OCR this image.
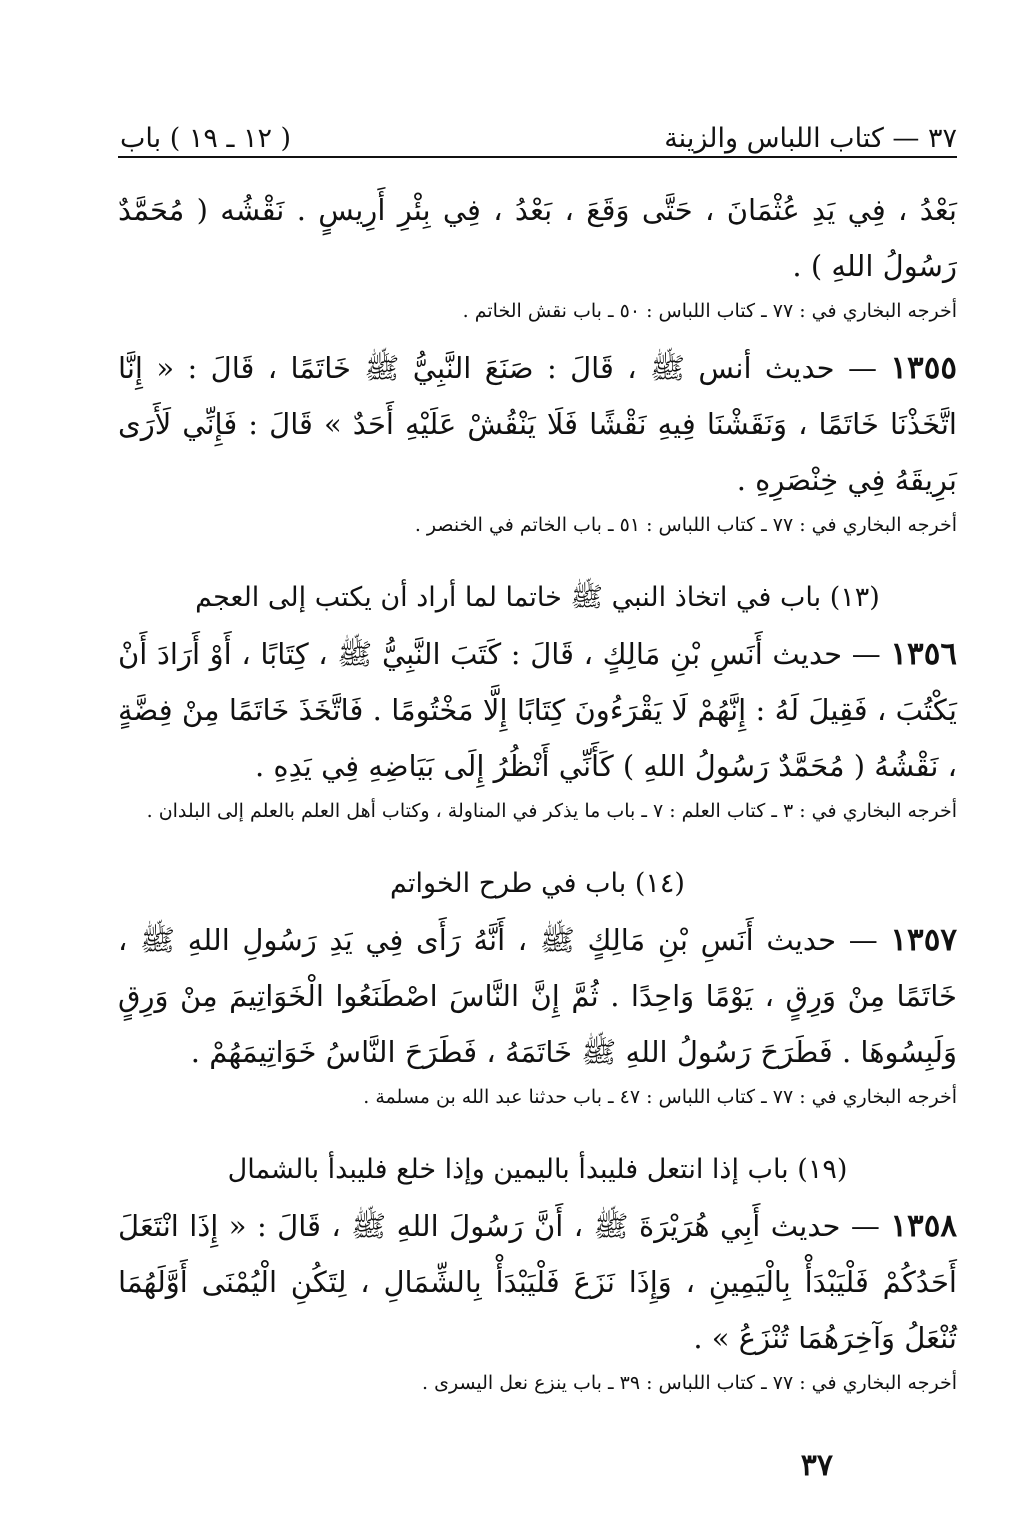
٣٧ — كتاب اللباس والزينة
( ١٢ ـ ١٩ ) باب

بَعْدُ ، فِي يَدِ عُثْمَانَ ، حَتَّى وَقَعَ ، بَعْدُ ، فِي بِئْرِ أَرِيسٍ . نَقْشُه ( مُحَمَّدٌ رَسُولُ اللهِ ) .

أخرجه البخاري في : ٧٧ ـ كتاب اللباس : ٥٠ ـ باب نقش الخاتم .

١٣٥٥ — حديث أنس ﷺ ، قَالَ : صَنَعَ النَّبِيُّ ﷺ خَاتَمًا ، قَالَ : « إِنَّا اتَّخَذْنَا خَاتَمًا ، وَنَقَشْنَا فِيهِ نَقْشًا فَلَا يَنْقُشْ عَلَيْهِ أَحَدٌ » قَالَ : فَإِنِّي لَأَرَى بَرِيقَهُ فِي خِنْصَرِهِ .

أخرجه البخاري في : ٧٧ ـ كتاب اللباس : ٥١ ـ باب الخاتم في الخنصر .

(١٣) باب في اتخاذ النبي ﷺ خاتما لما أراد أن يكتب إلى العجم

١٣٥٦ — حديث أَنَسِ بْنِ مَالِكٍ ، قَالَ : كَتَبَ النَّبِيُّ ﷺ ، كِتَابًا ، أَوْ أَرَادَ أَنْ يَكْتُبَ ، فَقِيلَ لَهُ : إِنَّهُمْ لَا يَقْرَءُونَ كِتَابًا إِلَّا مَخْتُومًا . فَاتَّخَذَ خَاتَمًا مِنْ فِضَّةٍ ، نَقْشُهُ ( مُحَمَّدٌ رَسُولُ اللهِ ) كَأَنِّي أَنْظُرُ إِلَى بَيَاضِهِ فِي يَدِهِ .

أخرجه البخاري في : ٣ ـ كتاب العلم : ٧ ـ باب ما يذكر في المناولة ، وكتاب أهل العلم بالعلم إلى البلدان .

(١٤) باب في طرح الخواتم

١٣٥٧ — حديث أَنَسِ بْنِ مَالِكٍ ﷺ ، أَنَّهُ رَأَى فِي يَدِ رَسُولِ اللهِ ﷺ ، خَاتَمًا مِنْ وَرِقٍ ، يَوْمًا وَاحِدًا . ثُمَّ إِنَّ النَّاسَ اصْطَنَعُوا الْخَوَاتِيمَ مِنْ وَرِقٍ وَلَبِسُوهَا . فَطَرَحَ رَسُولُ اللهِ ﷺ خَاتَمَهُ ، فَطَرَحَ النَّاسُ خَوَاتِيمَهُمْ .

أخرجه البخاري في : ٧٧ ـ كتاب اللباس : ٤٧ ـ باب حدثنا عبد الله بن مسلمة .

(١٩) باب إذا انتعل فليبدأ باليمين وإذا خلع فليبدأ بالشمال

١٣٥٨ — حديث أَبِي هُرَيْرَةَ ﷺ ، أَنَّ رَسُولَ اللهِ ﷺ ، قَالَ : « إِذَا انْتَعَلَ أَحَدُكُمْ فَلْيَبْدَأْ بِالْيَمِينِ ، وَإِذَا نَزَعَ فَلْيَبْدَأْ بِالشِّمَالِ ، لِتَكُنِ الْيُمْنَى أَوَّلَهُمَا تُنْعَلُ وَآخِرَهُمَا تُنْزَعُ » .

أخرجه البخاري في : ٧٧ ـ كتاب اللباس : ٣٩ ـ باب ينزع نعل اليسرى .

٣٧
